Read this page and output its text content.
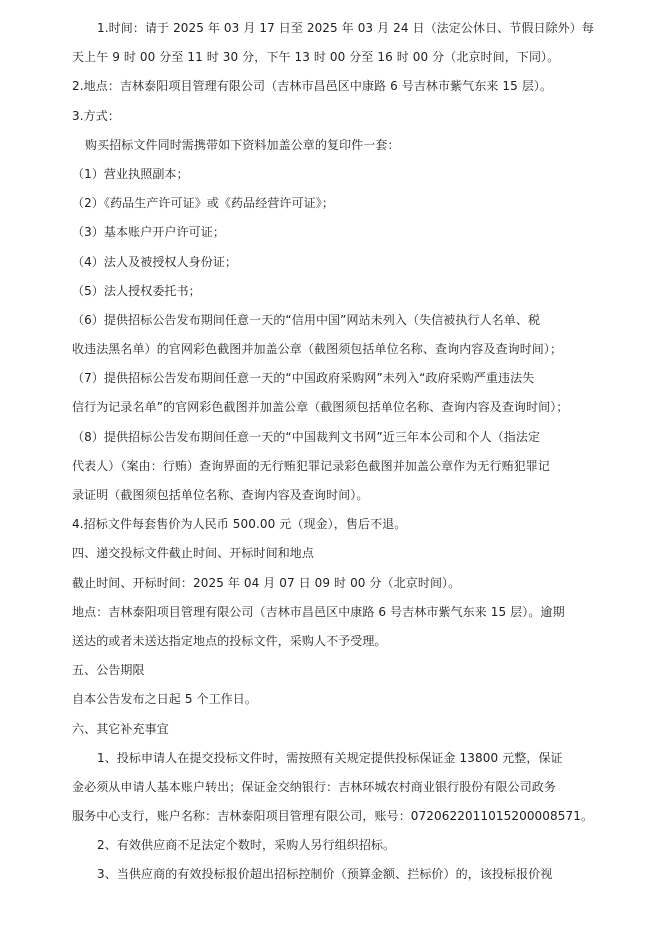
1.时间：请于 2025 年 03 月 17 日至 2025 年 03 月 24 日（法定公休日、节假日除外）每
天上午 9 时 00 分至 11 时 30 分，下午 13 时 00 分至 16 时 00 分（北京时间，下同）。
2.地点：吉林泰阳项目管理有限公司（吉林市昌邑区中康路 6 号吉林市紫气东来 15 层）。
3.方式：
购买招标文件同时需携带如下资料加盖公章的复印件一套：
（1）营业执照副本；
（2）《药品生产许可证》或《药品经营许可证》；
（3）基本账户开户许可证；
（4）法人及被授权人身份证；
（5）法人授权委托书；
（6）提供招标公告发布期间任意一天的“信用中国”网站未列入（失信被执行人名单、税
收违法黑名单）的官网彩色截图并加盖公章（截图须包括单位名称、查询内容及查询时间）；
（7）提供招标公告发布期间任意一天的“中国政府采购网”未列入“政府采购严重违法失
信行为记录名单”的官网彩色截图并加盖公章（截图须包括单位名称、查询内容及查询时间）；
（8）提供招标公告发布期间任意一天的“中国裁判文书网”近三年本公司和个人（指法定
代表人）（案由：行贿）查询界面的无行贿犯罪记录彩色截图并加盖公章作为无行贿犯罪记
录证明（截图须包括单位名称、查询内容及查询时间）。
4.招标文件每套售价为人民币 500.00 元（现金），售后不退。
四、递交投标文件截止时间、开标时间和地点
截止时间、开标时间：2025 年 04 月 07 日 09 时 00 分（北京时间）。
地点：吉林泰阳项目管理有限公司（吉林市昌邑区中康路 6 号吉林市紫气东来 15 层）。逾期
送达的或者未送达指定地点的投标文件，采购人不予受理。
五、公告期限
自本公告发布之日起 5 个工作日。
六、其它补充事宜
1、投标申请人在提交投标文件时，需按照有关规定提供投标保证金 13800 元整，保证
金必须从申请人基本账户转出；保证金交纳银行：吉林环城农村商业银行股份有限公司政务
服务中心支行，账户名称：吉林泰阳项目管理有限公司，账号：0720622011015200008571。
2、有效供应商不足法定个数时，采购人另行组织招标。
3、当供应商的有效投标报价超出招标控制价（预算金额、拦标价）的，该投标报价视
